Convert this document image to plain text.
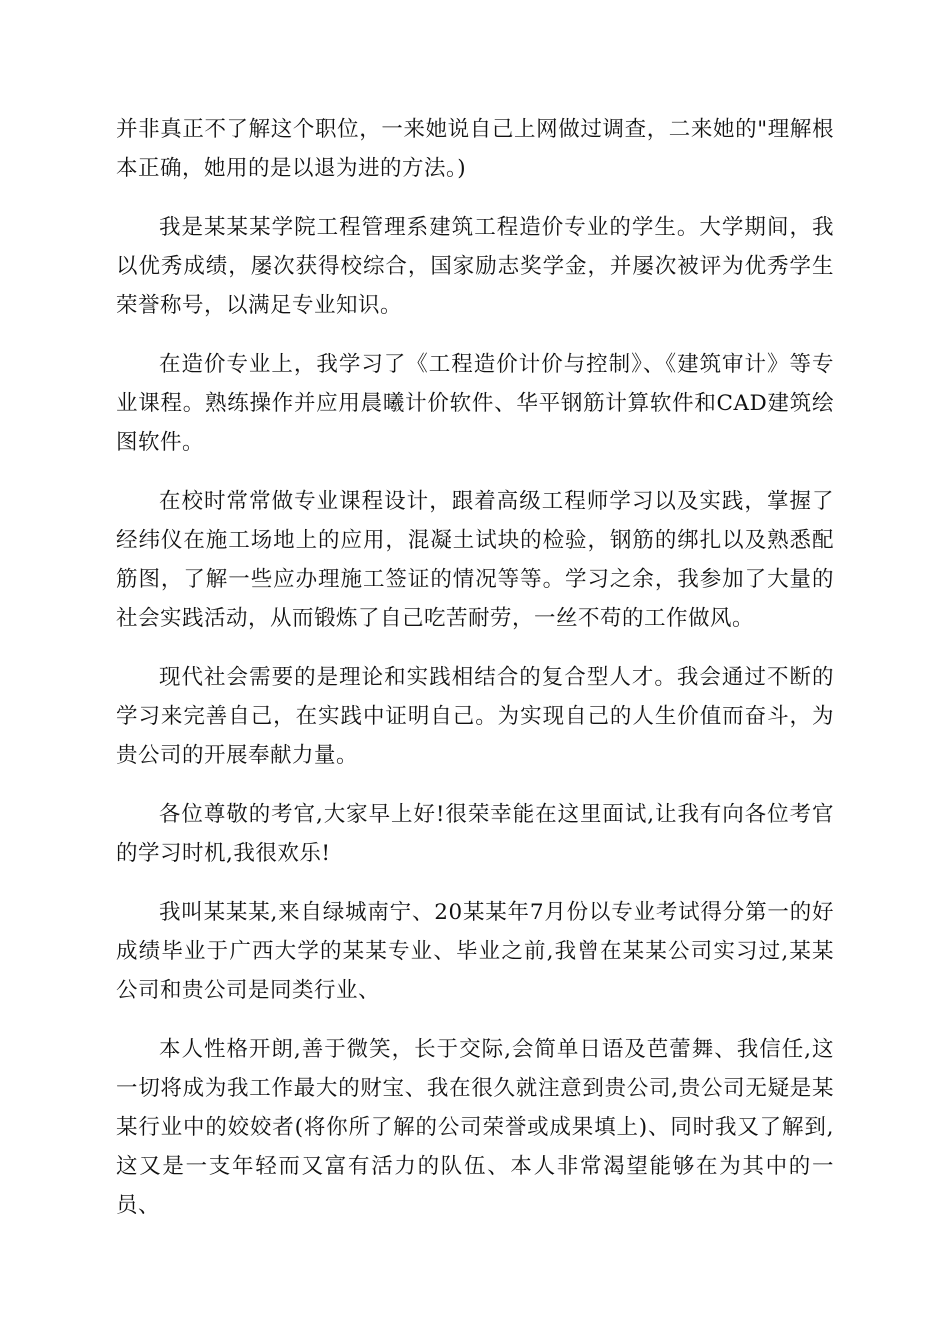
并非真正不了解这个职位，一来她说自己上网做过调查，二来她的"理解根本正确，她用的是以退为进的方法。)

我是某某某学院工程管理系建筑工程造价专业的学生。大学期间，我以优秀成绩，屡次获得校综合，国家励志奖学金，并屡次被评为优秀学生荣誉称号，以满足专业知识。

在造价专业上，我学习了《工程造价计价与控制》、《建筑审计》等专业课程。熟练操作并应用晨曦计价软件、华平钢筋计算软件和CAD建筑绘图软件。

在校时常常做专业课程设计，跟着高级工程师学习以及实践，掌握了经纬仪在施工场地上的应用，混凝土试块的检验，钢筋的绑扎以及熟悉配筋图，了解一些应办理施工签证的情况等等。学习之余，我参加了大量的社会实践活动，从而锻炼了自己吃苦耐劳，一丝不苟的工作做风。

现代社会需要的是理论和实践相结合的复合型人才。我会通过不断的学习来完善自己，在实践中证明自己。为实现自己的人生价值而奋斗，为贵公司的开展奉献力量。

各位尊敬的考官,大家早上好!很荣幸能在这里面试,让我有向各位考官的学习时机,我很欢乐!

我叫某某某,来自绿城南宁、20某某年7月份以专业考试得分第一的好成绩毕业于广西大学的某某专业、毕业之前,我曾在某某公司实习过,某某公司和贵公司是同类行业、

本人性格开朗,善于微笑，长于交际,会简单日语及芭蕾舞、我信任,这一切将成为我工作最大的财宝、我在很久就注意到贵公司,贵公司无疑是某某行业中的姣姣者(将你所了解的公司荣誉或成果填上)、同时我又了解到,这又是一支年轻而又富有活力的队伍、本人非常渴望能够在为其中的一员、
